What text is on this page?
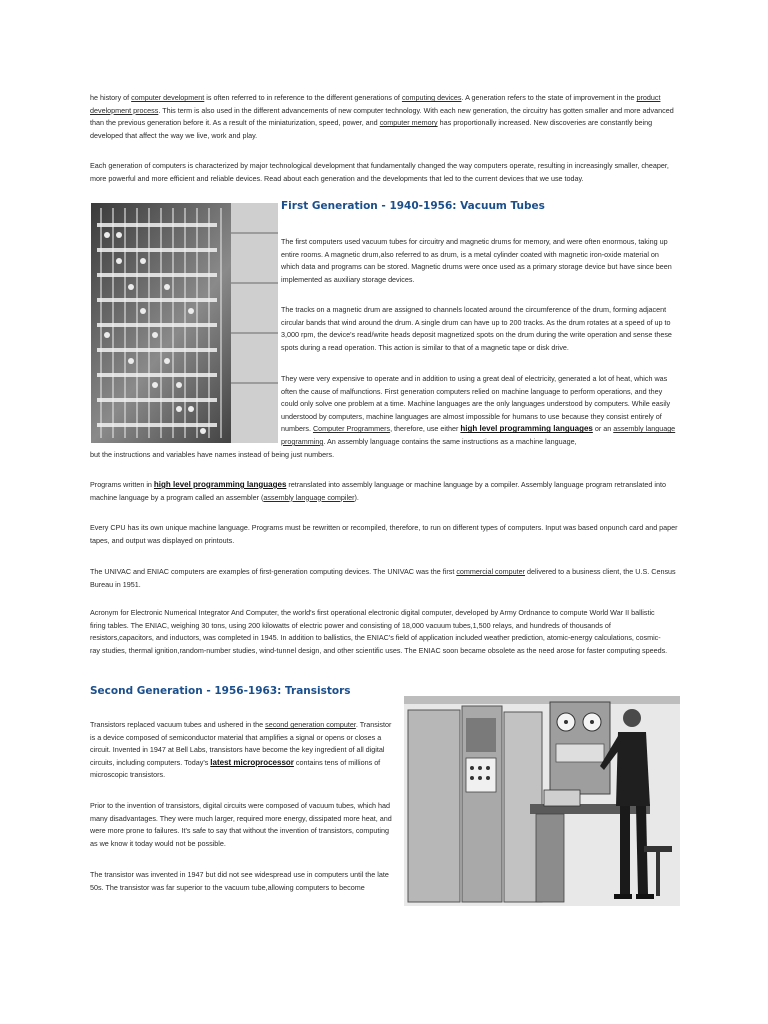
he history of computer development is often referred to in reference to the different generations of computing devices. A generation refers to the state of improvement in the product development process. This term is also used in the different advancements of new computer technology. With each new generation, the circuitry has gotten smaller and more advanced than the previous generation before it. As a result of the miniaturization, speed, power, and computer memory has proportionally increased. New discoveries are constantly being developed that affect the way we live, work and play.

Each generation of computers is characterized by major technological development that fundamentally changed the way computers operate, resulting in increasingly smaller, cheaper, more powerful and more efficient and reliable devices. Read about each generation and the developments that led to the current devices that we use today.

First Generation - 1940-1956: Vacuum Tubes

The first computers used vacuum tubes for circuitry and magnetic drums for memory, and were often enormous, taking up entire rooms. A magnetic drum,also referred to as drum, is a metal cylinder coated with magnetic iron-oxide material on which data and programs can be stored. Magnetic drums were once used as a primary storage device but have since been implemented as auxiliary storage devices.

The tracks on a magnetic drum are assigned to channels located around the circumference of the drum, forming adjacent circular bands that wind around the drum. A single drum can have up to 200 tracks. As the drum rotates at a speed of up to 3,000 rpm, the device's read/write heads deposit magnetized spots on the drum during the write operation and sense these spots during a read operation. This action is similar to that of a magnetic tape or disk drive.

They were very expensive to operate and in addition to using a great deal of electricity, generated a lot of heat, which was often the cause of malfunctions. First generation computers relied on machine language to perform operations, and they could only solve one problem at a time. Machine languages are the only languages understood by computers. While easily understood by computers, machine languages are almost impossible for humans to use because they consist entirely of numbers. Computer Programmers, therefore, use either high level programming languages or an assembly language programming. An assembly language contains the same instructions as a machine language,

but the instructions and variables have names instead of being just numbers.

Programs written in high level programming languages retranslated into assembly language or machine language by a compiler. Assembly language program retranslated into machine language by a program called an assembler (assembly language compiler).

Every CPU has its own unique machine language. Programs must be rewritten or recompiled, therefore, to run on different types of computers. Input was based onpunch card and paper tapes, and output was displayed on printouts.

The UNIVAC and ENIAC computers are examples of first-generation computing devices. The UNIVAC was the first commercial computer delivered to a business client, the U.S. Census Bureau in 1951.

Acronym for Electronic Numerical Integrator And Computer, the world's first operational electronic digital computer, developed by Army Ordnance to compute World War II ballistic firing tables. The ENIAC, weighing 30 tons, using 200 kilowatts of electric power and consisting of 18,000 vacuum tubes,1,500 relays, and hundreds of thousands of resistors,capacitors, and inductors, was completed in 1945. In addition to ballistics, the ENIAC's field of application included weather prediction, atomic-energy calculations, cosmic-ray studies, thermal ignition,random-number studies, wind-tunnel design, and other scientific uses. The ENIAC soon became obsolete as the need arose for faster computing speeds.

Second Generation - 1956-1963: Transistors

Transistors replaced vacuum tubes and ushered in the second generation computer. Transistor is a device composed of semiconductor material that amplifies a signal or opens or closes a circuit. Invented in 1947 at Bell Labs, transistors have become the key ingredient of all digital circuits, including computers. Today's latest microprocessor contains tens of millions of microscopic transistors.

Prior to the invention of transistors, digital circuits were composed of vacuum tubes, which had many disadvantages. They were much larger, required more energy, dissipated more heat, and were more prone to failures. It's safe to say that without the invention of transistors, computing as we know it today would not be possible.

The transistor was invented in 1947 but did not see widespread use in computers until the late 50s. The transistor was far superior to the vacuum tube,allowing computers to become
